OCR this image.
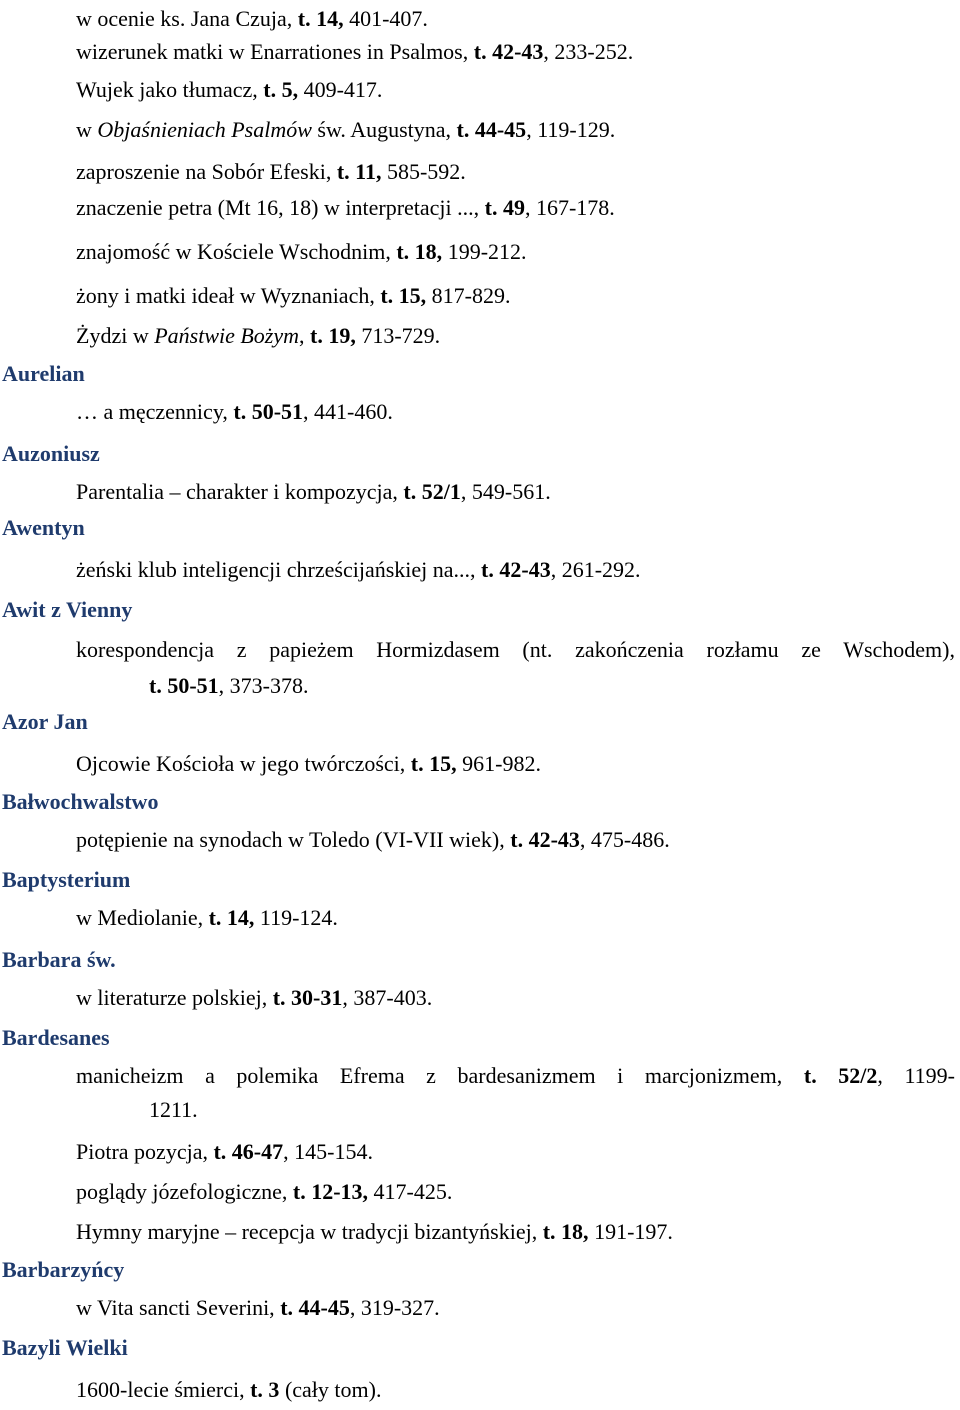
w ocenie ks. Jana Czuja, t. 14, 401-407.
wizerunek matki w Enarrationes in Psalmos, t. 42-43, 233-252.
Wujek jako tłumacz, t. 5, 409-417.
w Objaśnieniach Psalmów św. Augustyna, t. 44-45, 119-129.
zaproszenie na Sobór Efeski, t. 11, 585-592.
znaczenie petra (Mt 16, 18) w interpretacji ..., t. 49, 167-178.
znajomość w Kościele Wschodnim, t. 18, 199-212.
żony i matki ideał w Wyznaniach, t. 15, 817-829.
Żydzi w Państwie Bożym, t. 19, 713-729.
Aurelian
… a męczennicy, t. 50-51, 441-460.
Auzoniusz
Parentalia – charakter i kompozycja, t. 52/1, 549-561.
Awentyn
żeński klub inteligencji chrześcijańskiej na..., t. 42-43, 261-292.
Awit z Vienny
korespondencja z papieżem Hormizdasem (nt. zakończenia rozłamu ze Wschodem),
t. 50-51, 373-378.
Azor Jan
Ojcowie Kościoła w jego twórczości, t. 15, 961-982.
Bałwochwalstwo
potępienie na synodach w Toledo (VI-VII wiek), t. 42-43, 475-486.
Baptysterium
w Mediolanie, t. 14, 119-124.
Barbara św.
w literaturze polskiej, t. 30-31, 387-403.
Bardesanes
manicheizm a polemika Efrema z bardesanizmem i marcjonizmem, t. 52/2, 1199-
1211.
Piotra pozycja, t. 46-47, 145-154.
poglądy józefologiczne, t. 12-13, 417-425.
Hymny maryjne – recepcja w tradycji bizantyńskiej, t. 18, 191-197.
Barbarzyńcy
w Vita sancti Severini, t. 44-45, 319-327.
Bazyli Wielki
1600-lecie śmierci, t. 3 (cały tom).
